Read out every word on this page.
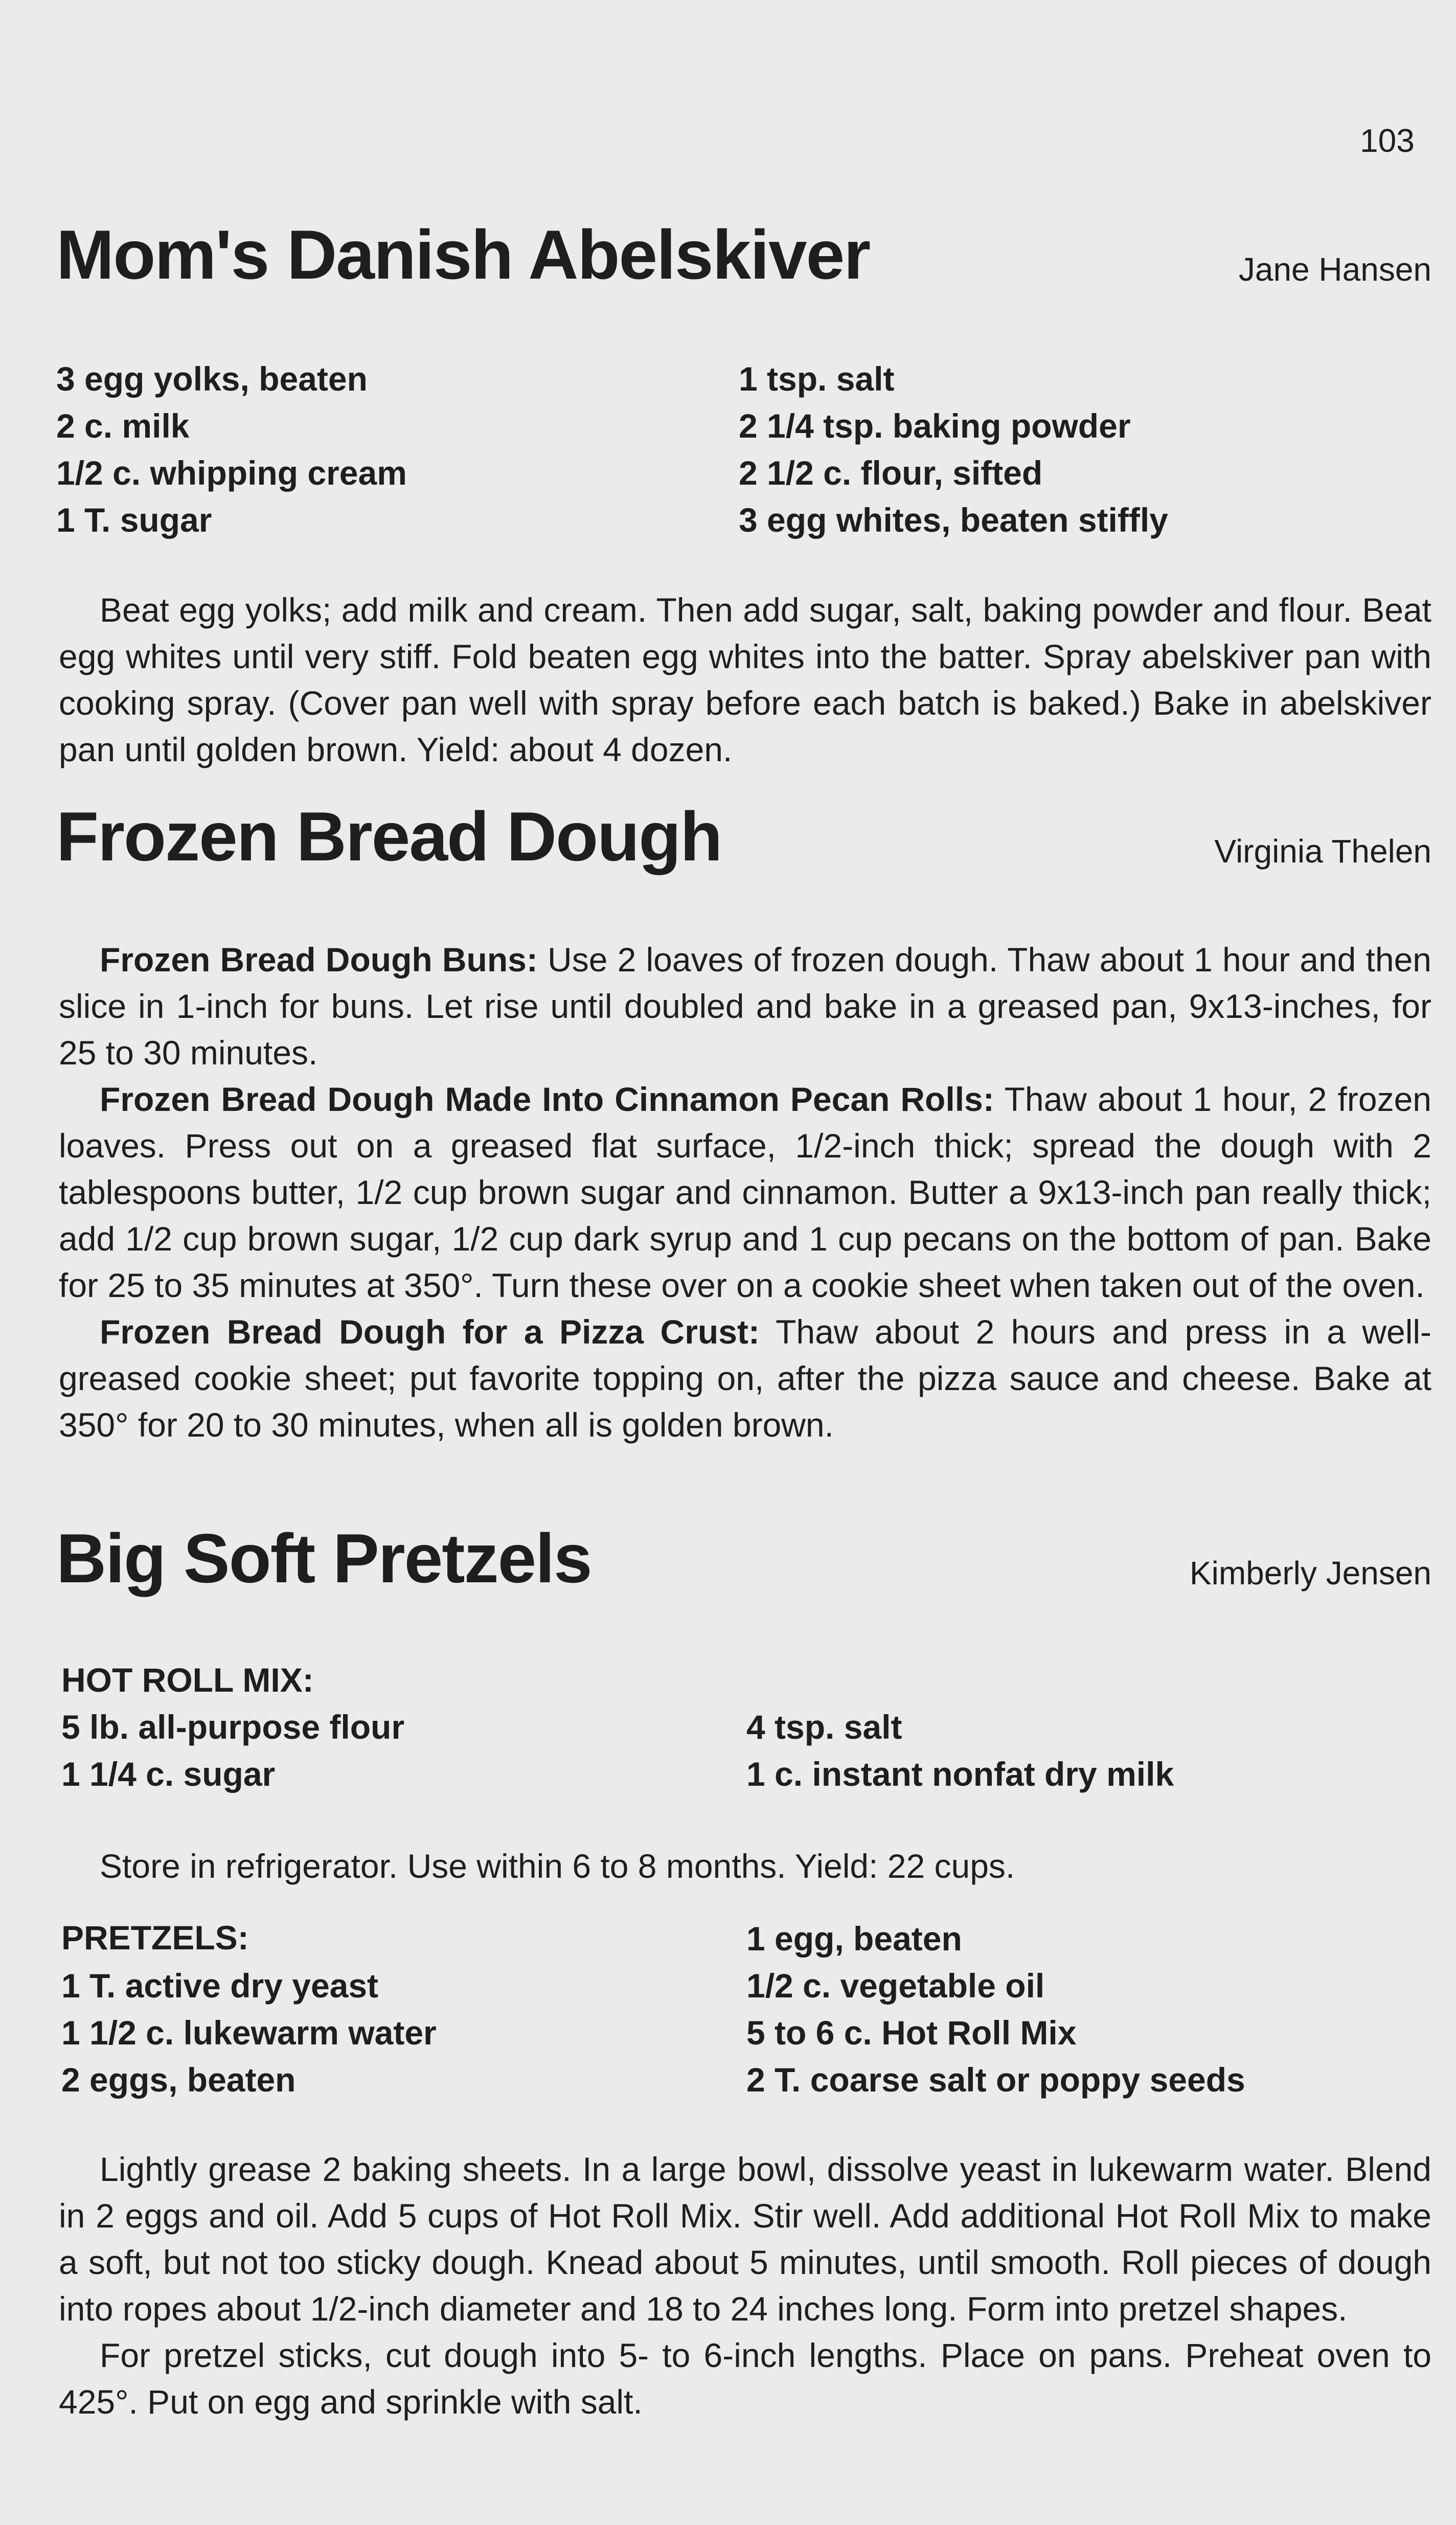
103
Mom's Danish Abelskiver	Jane Hansen
3 egg yolks, beaten
2 c. milk
1/2 c. whipping cream
1 T. sugar
1 tsp. salt
2 1/4 tsp. baking powder
2 1/2 c. flour, sifted
3 egg whites, beaten stiffly

Beat egg yolks; add milk and cream. Then add sugar, salt, baking powder and flour. Beat egg whites until very stiff. Fold beaten egg whites into the batter. Spray abelskiver pan with cooking spray. (Cover pan well with spray before each batch is baked.) Bake in abelskiver pan until golden brown. Yield: about 4 dozen.

Frozen Bread Dough	Virginia Thelen

Frozen Bread Dough Buns: Use 2 loaves of frozen dough. Thaw about 1 hour and then slice in 1-inch for buns. Let rise until doubled and bake in a greased pan, 9x13-inches, for 25 to 30 minutes.

Frozen Bread Dough Made Into Cinnamon Pecan Rolls: Thaw about 1 hour, 2 frozen loaves. Press out on a greased flat surface, 1/2-inch thick; spread the dough with 2 tablespoons butter, 1/2 cup brown sugar and cinnamon. Butter a 9x13-inch pan really thick; add 1/2 cup brown sugar, 1/2 cup dark syrup and 1 cup pecans on the bottom of pan. Bake for 25 to 35 minutes at 350°. Turn these over on a cookie sheet when taken out of the oven.

Frozen Bread Dough for a Pizza Crust: Thaw about 2 hours and press in a well-greased cookie sheet; put favorite topping on, after the pizza sauce and cheese. Bake at 350° for 20 to 30 minutes, when all is golden brown.

Big Soft Pretzels	Kimberly Jensen
HOT ROLL MIX:
5 lb. all-purpose flour
1 1/4 c. sugar
4 tsp. salt
1 c. instant nonfat dry milk

Store in refrigerator. Use within 6 to 8 months. Yield: 22 cups.

PRETZELS:
1 T. active dry yeast
1 1/2 c. lukewarm water
2 eggs, beaten
1 egg, beaten
1/2 c. vegetable oil
5 to 6 c. Hot Roll Mix
2 T. coarse salt or poppy seeds

Lightly grease 2 baking sheets. In a large bowl, dissolve yeast in lukewarm water. Blend in 2 eggs and oil. Add 5 cups of Hot Roll Mix. Stir well. Add additional Hot Roll Mix to make a soft, but not too sticky dough. Knead about 5 minutes, until smooth. Roll pieces of dough into ropes about 1/2-inch diameter and 18 to 24 inches long. Form into pretzel shapes.

For pretzel sticks, cut dough into 5- to 6-inch lengths. Place on pans. Preheat oven to 425°. Put on egg and sprinkle with salt.
